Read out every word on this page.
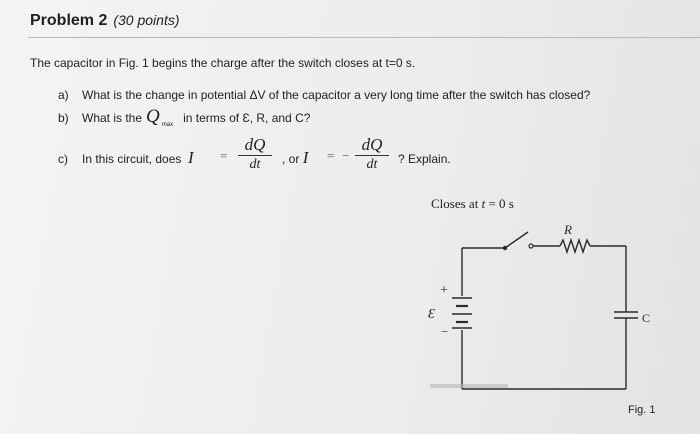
Problem 2 (30 points)
The capacitor in Fig. 1 begins the charge after the switch closes at t=0 s.
a) What is the change in potential ΔV of the capacitor a very long time after the switch has closed?
b) What is the Q $_{max}$ in terms of Ɛ, R, and C?
c) In this circuit, does I =
dQ
dt	, or I = −
dQ
dt	? Explain.
Closes at t = 0 s
R
C
+
Ɛ
−
Fig. 1
